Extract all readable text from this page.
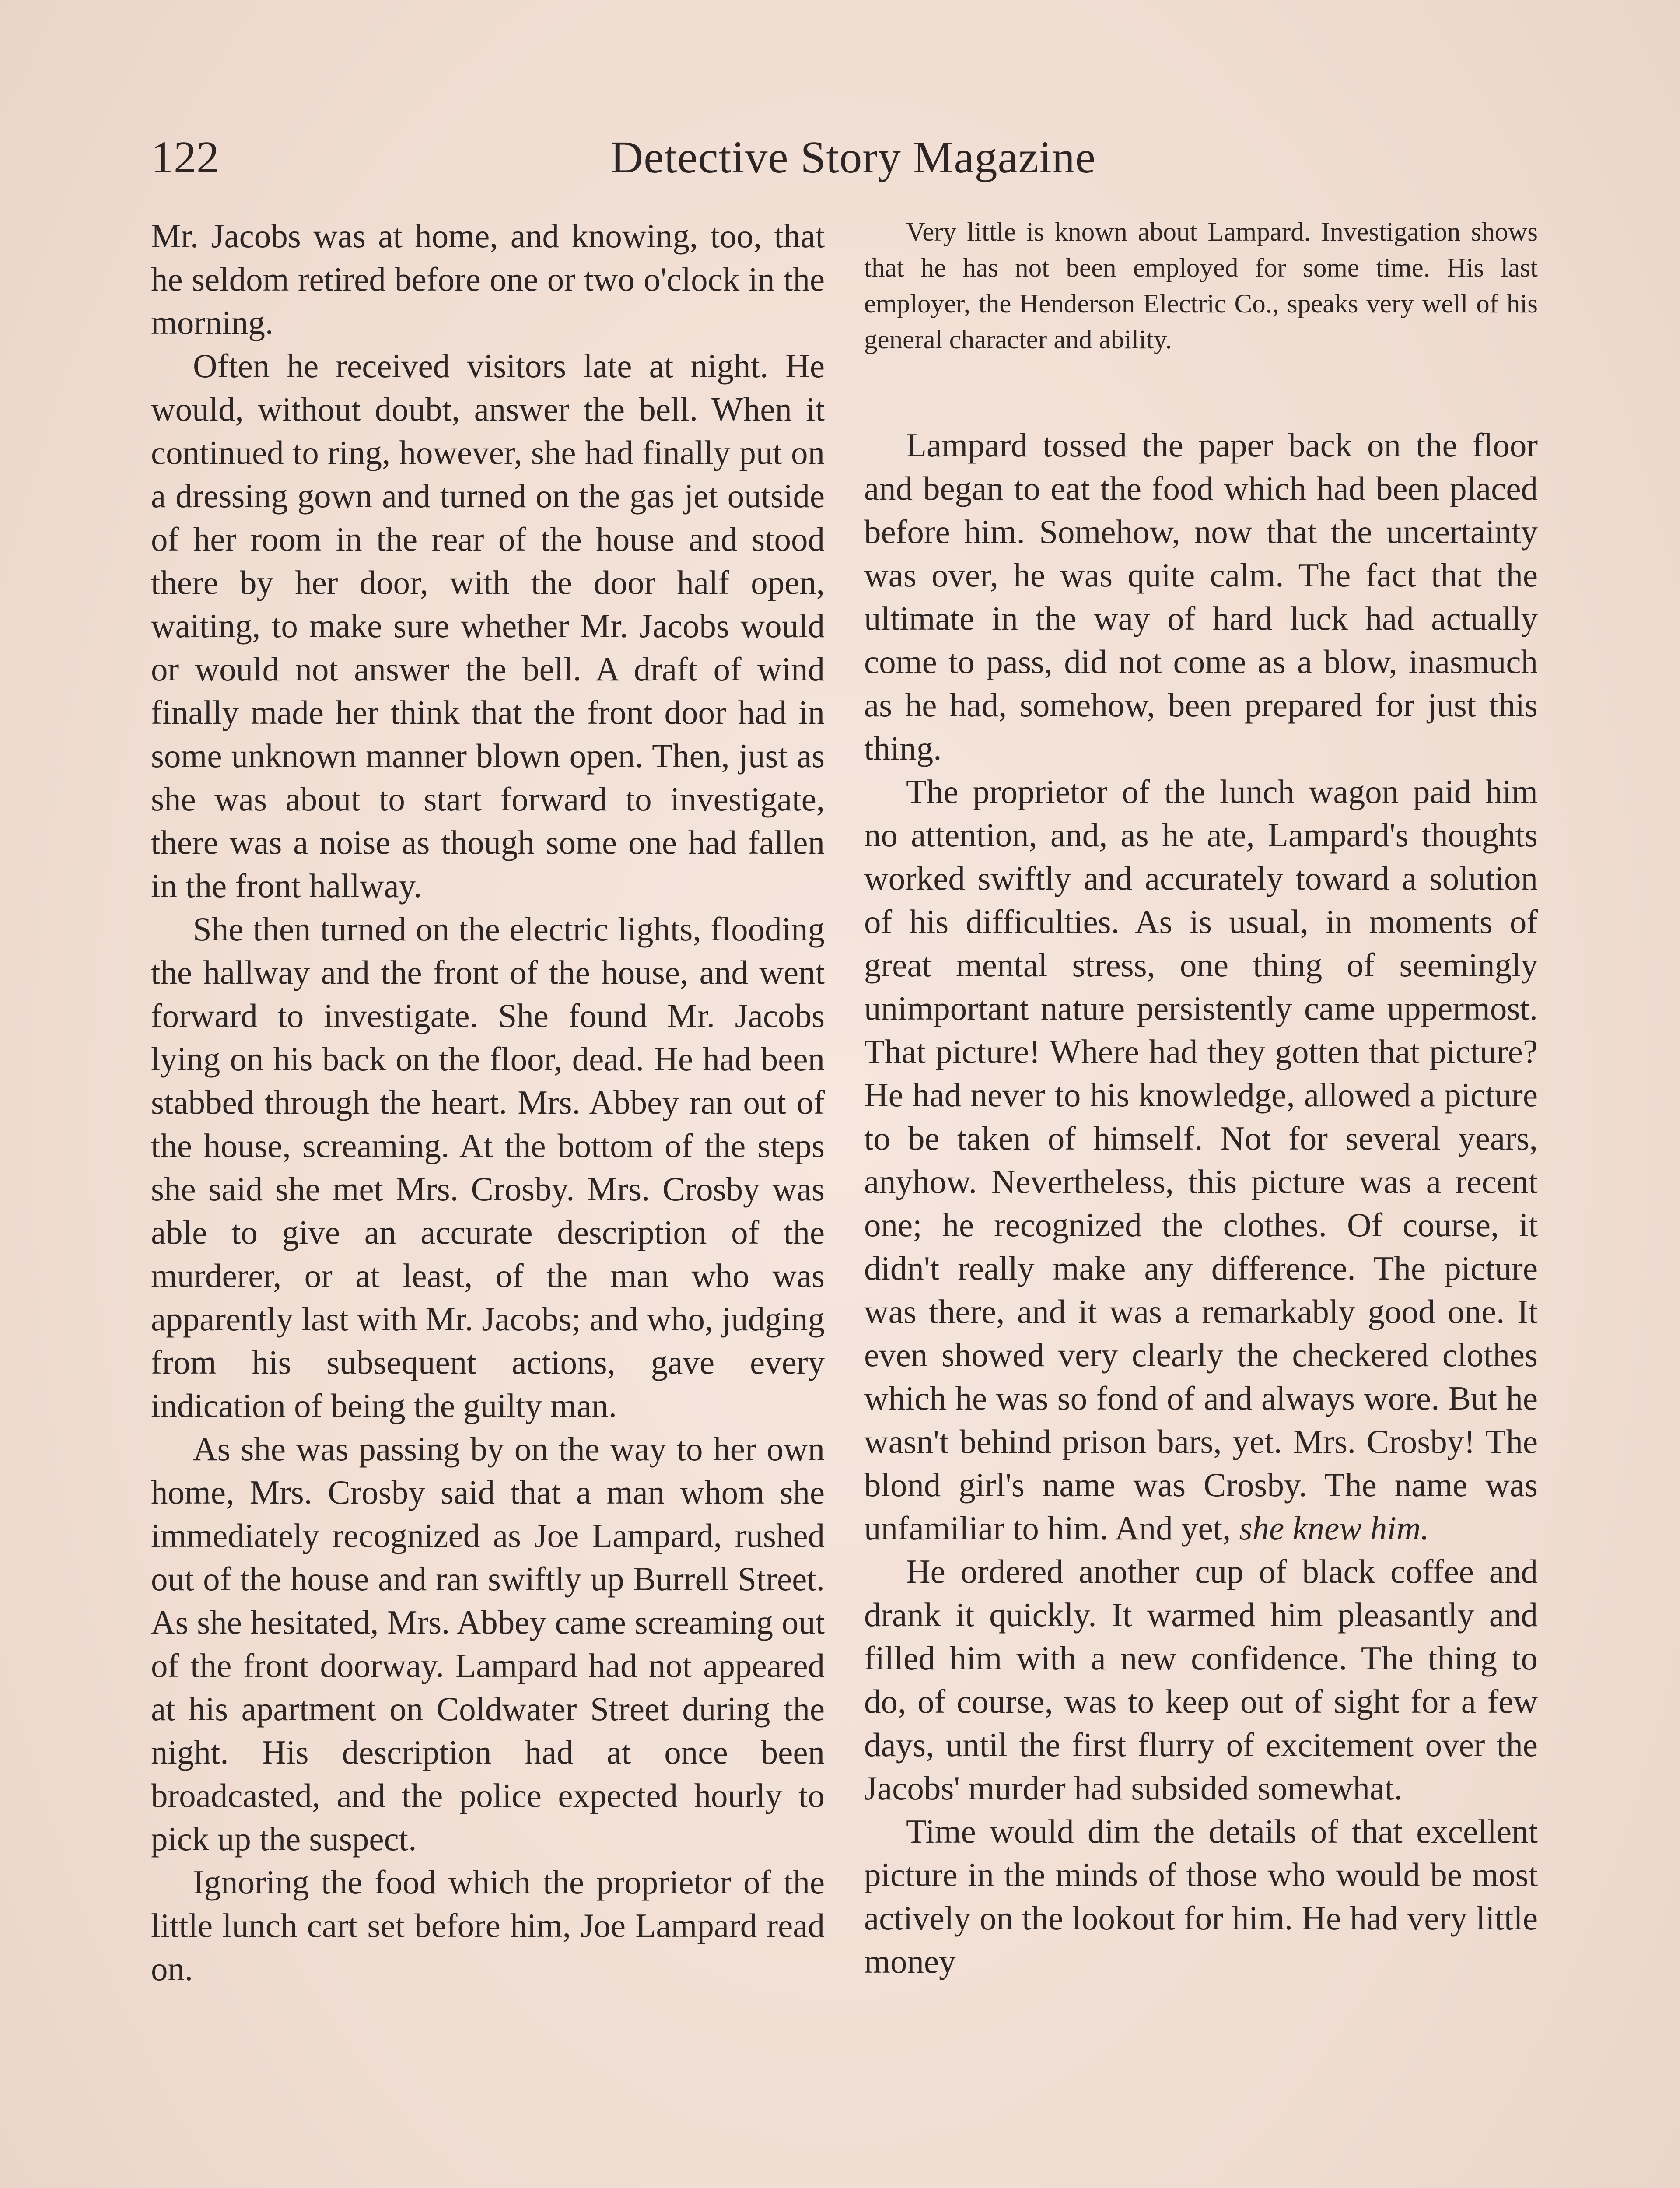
122	Detective Story Magazine

Mr. Jacobs was at home, and knowing, too, that he seldom retired before one or two o'clock in the morning.

Often he received visitors late at night. He would, without doubt, answer the bell. When it continued to ring, however, she had finally put on a dressing gown and turned on the gas jet outside of her room in the rear of the house and stood there by her door, with the door half open, waiting, to make sure whether Mr. Jacobs would or would not answer the bell. A draft of wind finally made her think that the front door had in some unknown manner blown open. Then, just as she was about to start forward to investigate, there was a noise as though some one had fallen in the front hallway.

She then turned on the electric lights, flooding the hallway and the front of the house, and went forward to investigate. She found Mr. Jacobs lying on his back on the floor, dead. He had been stabbed through the heart. Mrs. Abbey ran out of the house, screaming. At the bottom of the steps she said she met Mrs. Crosby. Mrs. Crosby was able to give an accurate description of the murderer, or at least, of the man who was apparently last with Mr. Jacobs; and who, judging from his subsequent actions, gave every indication of being the guilty man.

As she was passing by on the way to her own home, Mrs. Crosby said that a man whom she immediately recognized as Joe Lampard, rushed out of the house and ran swiftly up Burrell Street. As she hesitated, Mrs. Abbey came screaming out of the front doorway. Lampard had not appeared at his apartment on Coldwater Street during the night. His description had at once been broadcasted, and the police expected hourly to pick up the suspect.

Ignoring the food which the proprietor of the little lunch cart set before him, Joe Lampard read on.

Very little is known about Lampard. Investigation shows that he has not been employed for some time. His last employer, the Henderson Electric Co., speaks very well of his general character and ability.

Lampard tossed the paper back on the floor and began to eat the food which had been placed before him. Somehow, now that the uncertainty was over, he was quite calm. The fact that the ultimate in the way of hard luck had actually come to pass, did not come as a blow, inasmuch as he had, somehow, been prepared for just this thing.

The proprietor of the lunch wagon paid him no attention, and, as he ate, Lampard's thoughts worked swiftly and accurately toward a solution of his difficulties. As is usual, in moments of great mental stress, one thing of seemingly unimportant nature persistently came uppermost. That picture! Where had they gotten that picture? He had never to his knowledge, allowed a picture to be taken of himself. Not for several years, anyhow. Nevertheless, this picture was a recent one; he recognized the clothes. Of course, it didn't really make any difference. The picture was there, and it was a remarkably good one. It even showed very clearly the checkered clothes which he was so fond of and always wore. But he wasn't behind prison bars, yet. Mrs. Crosby! The blond girl's name was Crosby. The name was unfamiliar to him. And yet, she knew him.

He ordered another cup of black coffee and drank it quickly. It warmed him pleasantly and filled him with a new confidence. The thing to do, of course, was to keep out of sight for a few days, until the first flurry of excitement over the Jacobs' murder had subsided somewhat.

Time would dim the details of that excellent picture in the minds of those who would be most actively on the lookout for him. He had very little money
